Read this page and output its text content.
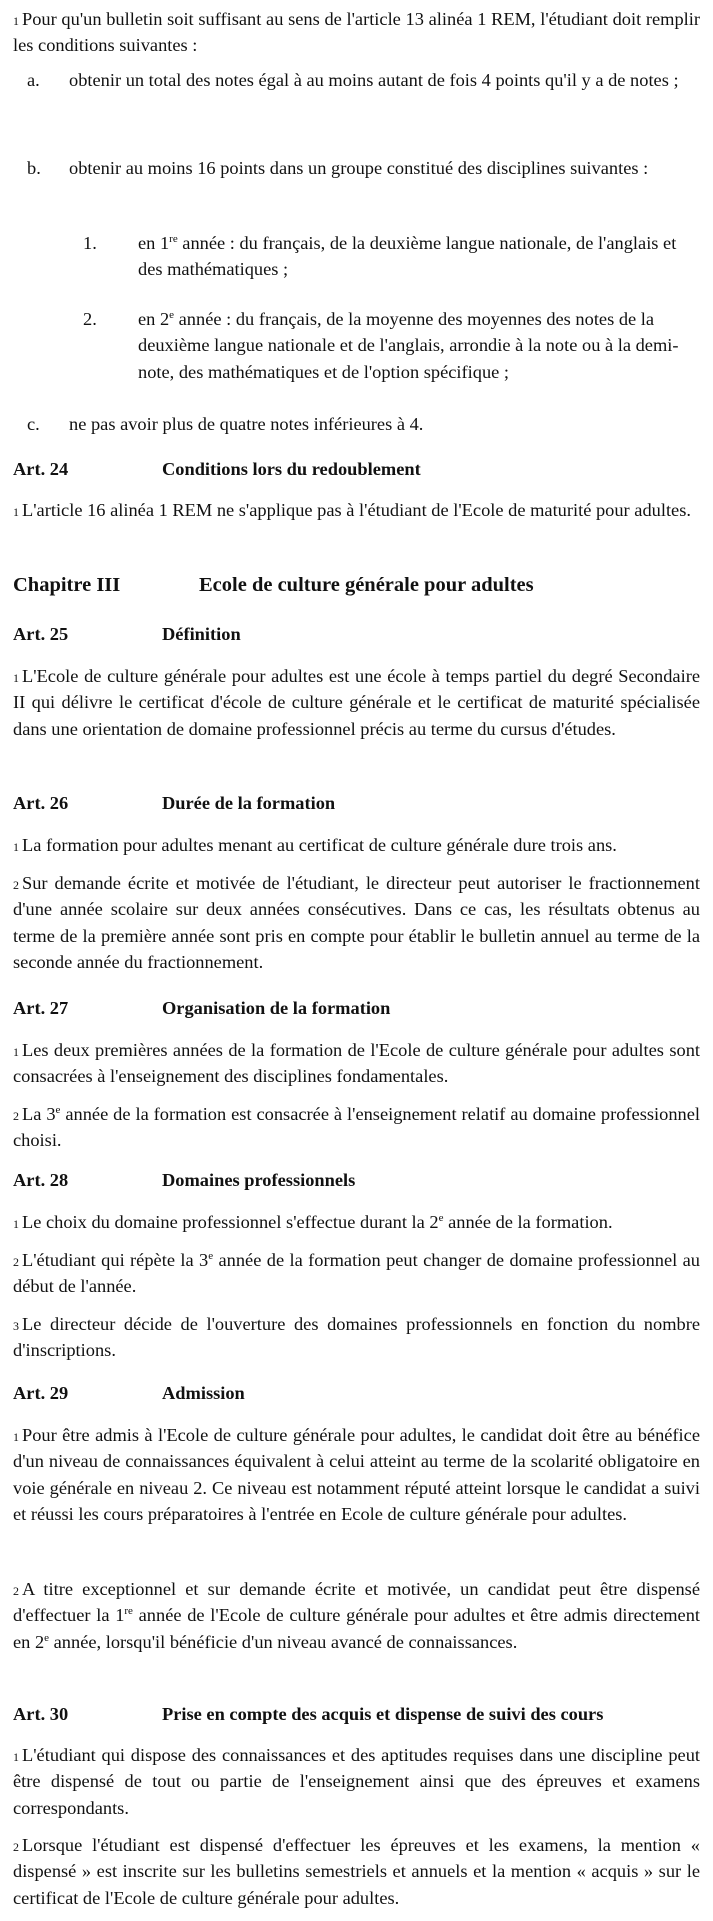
$^1$ Pour qu'un bulletin soit suffisant au sens de l'article 13 alinéa 1 REM, l'étudiant doit remplir les conditions suivantes :

a. obtenir un total des notes égal à au moins autant de fois 4 points qu'il y a de notes ;
b. obtenir au moins 16 points dans un groupe constitué des disciplines suivantes :
1. en 1re année : du français, de la deuxième langue nationale, de l'anglais et des mathématiques ;
2. en 2e année : du français, de la moyenne des moyennes des notes de la deuxième langue nationale et de l'anglais, arrondie à la note ou à la demi-note, des mathématiques et de l'option spécifique ;
c. ne pas avoir plus de quatre notes inférieures à 4.
Art. 24	Conditions lors du redoublement

$^1$ L'article 16 alinéa 1 REM ne s'applique pas à l'étudiant de l'Ecole de maturité pour adultes.

Chapitre III	Ecole de culture générale pour adultes
Art. 25	Définition

$^1$ L'Ecole de culture générale pour adultes est une école à temps partiel du degré Secondaire II qui délivre le certificat d'école de culture générale et le certificat de maturité spécialisée dans une orientation de domaine professionnel précis au terme du cursus d'études.

Art. 26	Durée de la formation

$^1$ La formation pour adultes menant au certificat de culture générale dure trois ans.

$^2$ Sur demande écrite et motivée de l'étudiant, le directeur peut autoriser le fractionnement d'une année scolaire sur deux années consécutives. Dans ce cas, les résultats obtenus au terme de la première année sont pris en compte pour établir le bulletin annuel au terme de la seconde année du fractionnement.

Art. 27	Organisation de la formation

$^1$ Les deux premières années de la formation de l'Ecole de culture générale pour adultes sont consacrées à l'enseignement des disciplines fondamentales.

$^2$ La 3e année de la formation est consacrée à l'enseignement relatif au domaine professionnel choisi.

Art. 28	Domaines professionnels

$^1$ Le choix du domaine professionnel s'effectue durant la 2e année de la formation.

$^2$ L'étudiant qui répète la 3e année de la formation peut changer de domaine professionnel au début de l'année.

$^3$ Le directeur décide de l'ouverture des domaines professionnels en fonction du nombre d'inscriptions.

Art. 29	Admission

$^1$ Pour être admis à l'Ecole de culture générale pour adultes, le candidat doit être au bénéfice d'un niveau de connaissances équivalent à celui atteint au terme de la scolarité obligatoire en voie générale en niveau 2. Ce niveau est notamment réputé atteint lorsque le candidat a suivi et réussi les cours préparatoires à l'entrée en Ecole de culture générale pour adultes.

$^2$ A titre exceptionnel et sur demande écrite et motivée, un candidat peut être dispensé d'effectuer la 1re année de l'Ecole de culture générale pour adultes et être admis directement en 2e année, lorsqu'il bénéficie d'un niveau avancé de connaissances.

Art. 30	Prise en compte des acquis et dispense de suivi des cours

$^1$ L'étudiant qui dispose des connaissances et des aptitudes requises dans une discipline peut être dispensé de tout ou partie de l'enseignement ainsi que des épreuves et examens correspondants.

$^2$ Lorsque l'étudiant est dispensé d'effectuer les épreuves et les examens, la mention « dispensé » est inscrite sur les bulletins semestriels et annuels et la mention « acquis » sur le certificat de l'Ecole de culture générale pour adultes.
